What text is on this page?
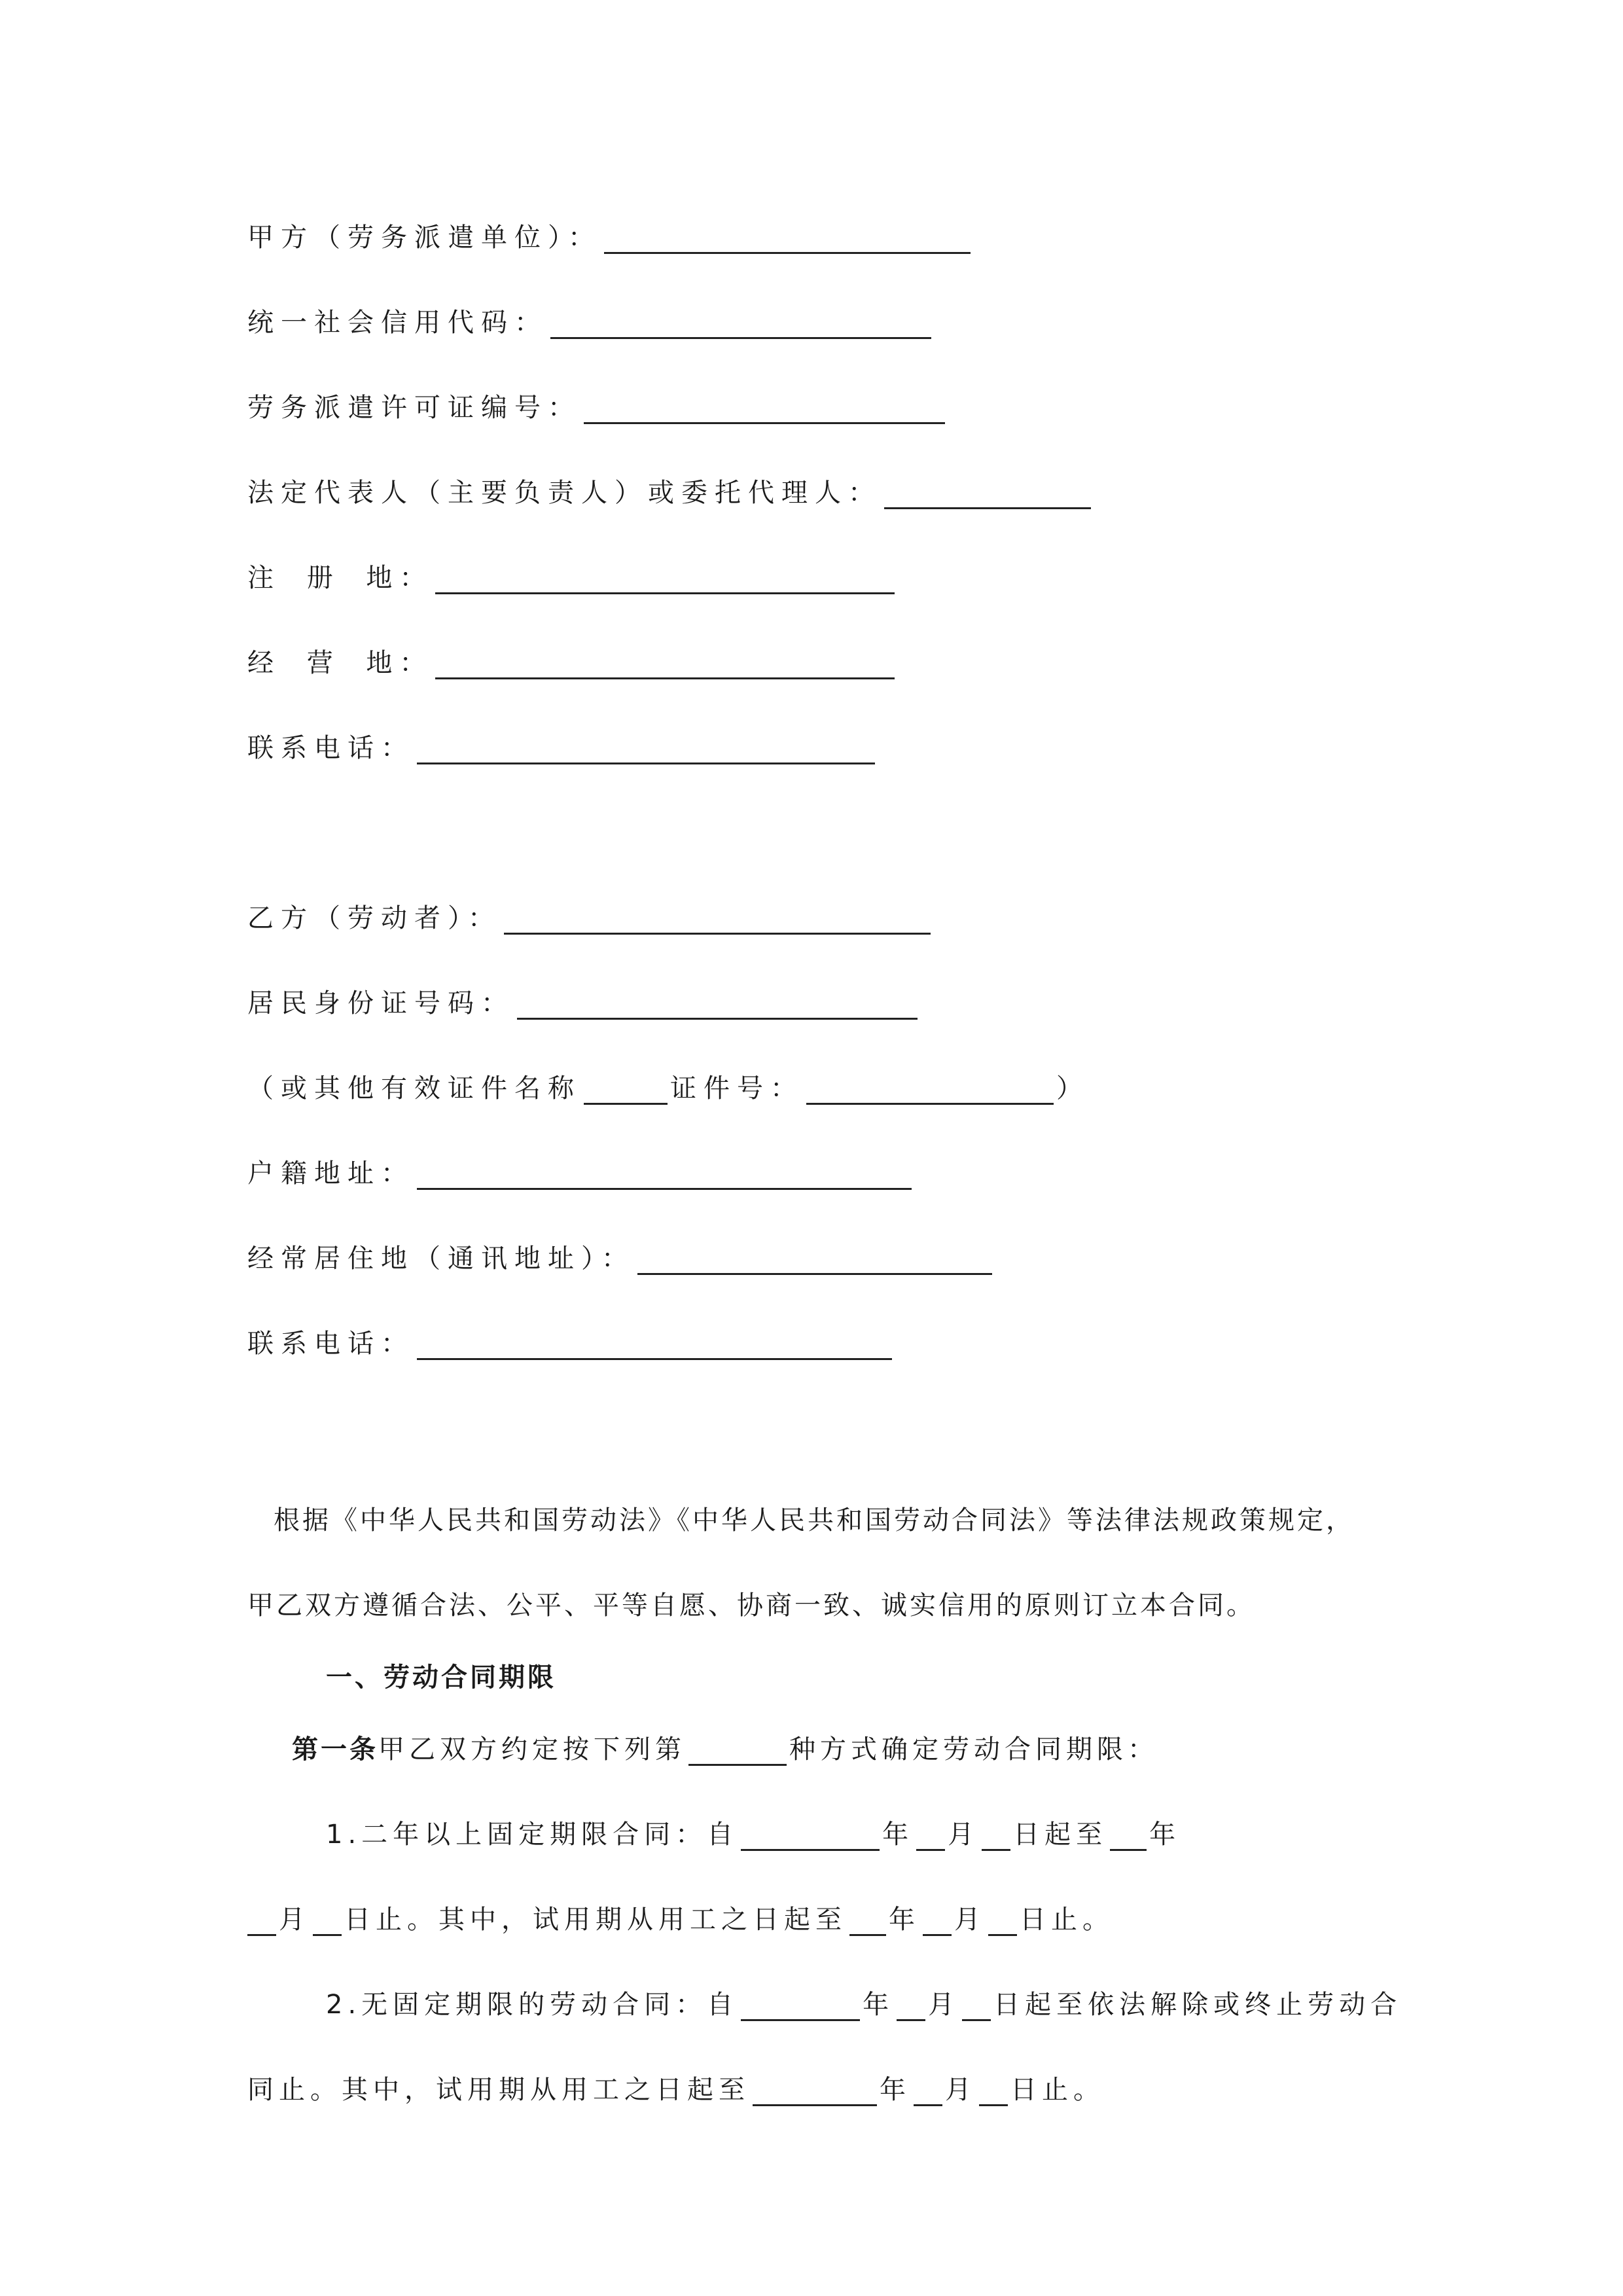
甲方（劳务派遣单位）：
统一社会信用代码：
劳务派遣许可证编号：
法定代表人（主要负责人）或委托代理人：
注 册 地：
经 营 地：
联系电话：
乙方（劳动者）：
居民身份证号码：
（或其他有效证件名称	证件号：	）
户籍地址：
经常居住地（通讯地址）：
联系电话：
根据《中华人民共和国劳动法》《中华人民共和国劳动合同法》等法律法规政策规定，
甲乙双方遵循合法、公平、平等自愿、协商一致、诚实信用的原则订立本合同。
一、劳动合同期限
第一条 甲乙双方约定按下列第	种方式确定劳动合同期限：
1.二年以上固定期限合同：自	年 月 日起至 年
月 日止。其中，试用期从用工之日起至 年 月 日止。
2.无固定期限的劳动合同：自	年 月 日起至依法解除或终止劳动合
同止。其中，试用期从用工之日起至	年 月 日止。
